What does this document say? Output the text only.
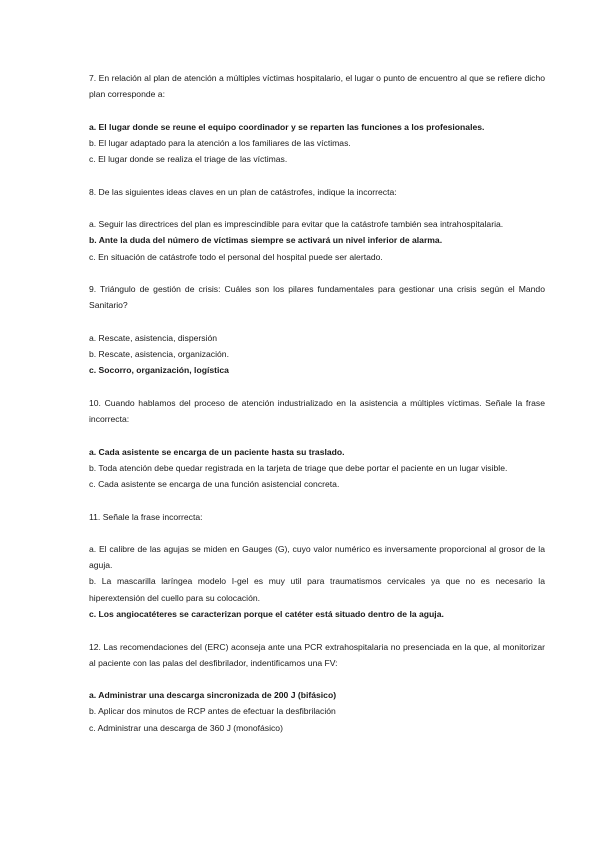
7. En relación al plan de atención a múltiples víctimas hospitalario, el lugar o punto de encuentro al que se refiere dicho plan corresponde a:

a. El lugar donde se reune el equipo coordinador y se reparten las funciones a los profesionales.

b. El lugar adaptado para la atención a los familiares de las víctimas.

c. El lugar donde se realiza el triage de las víctimas.

8. De las siguientes ideas claves en un plan de catástrofes, indique la incorrecta:

a. Seguir las directrices del plan es imprescindible para evitar que la catástrofe también sea intrahospitalaria.

b. Ante la duda del número de víctimas siempre se activará un nivel inferior de alarma.

c. En situación de catástrofe todo el personal del hospital puede ser alertado.

9. Triángulo de gestión de crisis: Cuáles son los pilares fundamentales para gestionar una crisis según el Mando Sanitario?

a. Rescate, asistencia, dispersión

b. Rescate, asistencia, organización.

c. Socorro, organización, logística

10. Cuando hablamos del proceso de atención industrializado en la asistencia a múltiples víctimas. Señale la frase incorrecta:

a. Cada asistente se encarga de un paciente hasta su traslado.

b. Toda atención debe quedar registrada en la tarjeta de triage que debe portar el paciente en un lugar visible.

c. Cada asistente se encarga de una función asistencial concreta.

11. Señale la frase incorrecta:

a. El calibre de las agujas se miden en Gauges (G), cuyo valor numérico es inversamente proporcional al grosor de la aguja.

b. La mascarilla laríngea modelo I-gel es muy util para traumatismos cervicales ya que no es necesario la hiperextensión del cuello para su colocación.

c. Los angiocatéteres se caracterizan porque el catéter está situado dentro de la aguja.

12. Las recomendaciones del (ERC) aconseja ante una PCR extrahospitalaria no presenciada en la que, al monitorizar al paciente con las palas del desfibrilador, indentificamos una FV:

a. Administrar una descarga sincronizada de 200 J (bifásico)

b. Aplicar dos minutos de RCP antes de efectuar la desfibrilación

c. Administrar una descarga de 360 J (monofásico)
